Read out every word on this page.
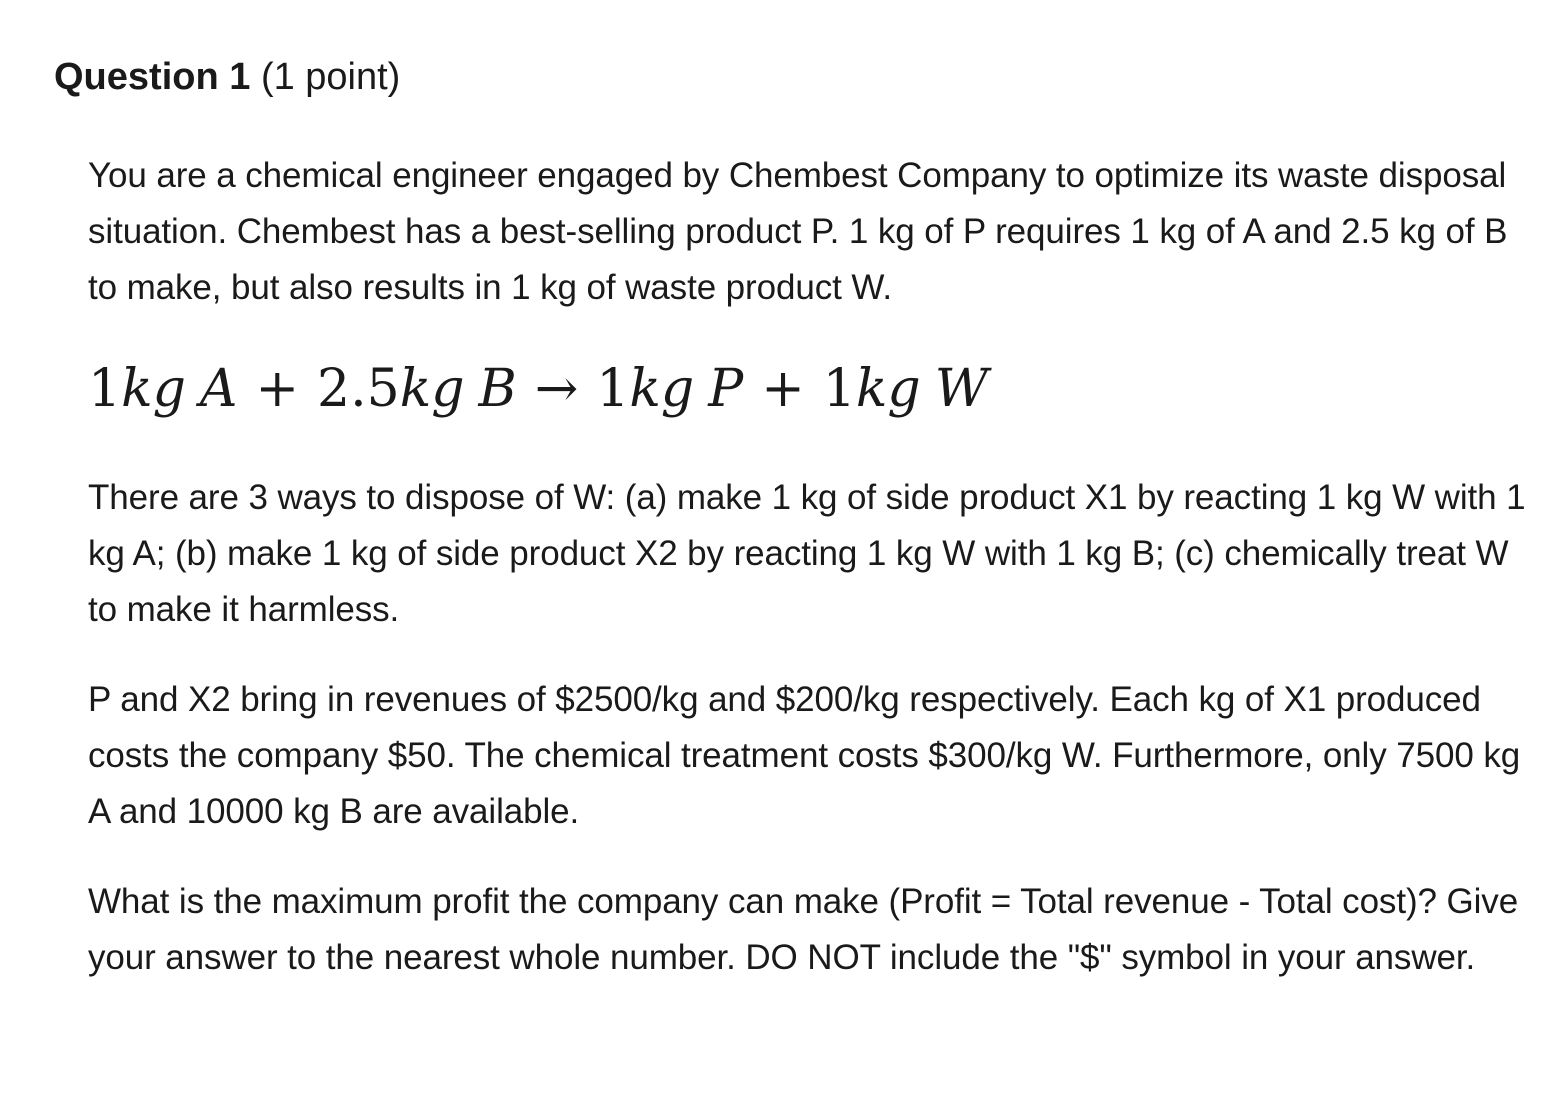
Question 1 (1 point)

You are a chemical engineer engaged by Chembest Company to optimize its waste disposal situation. Chembest has a best-selling product P. 1 kg of P requires 1 kg of A and 2.5 kg of B to make, but also results in 1 kg of waste product W.

1kg A + 2.5kg B → 1kg P + 1kg W

There are 3 ways to dispose of W: (a) make 1 kg of side product X1 by reacting 1 kg W with 1 kg A; (b) make 1 kg of side product X2 by reacting 1 kg W with 1 kg B; (c) chemically treat W to make it harmless.

P and X2 bring in revenues of $2500/kg and $200/kg respectively. Each kg of X1 produced costs the company $50. The chemical treatment costs $300/kg W. Furthermore, only 7500 kg A and 10000 kg B are available.

What is the maximum profit the company can make (Profit = Total revenue - Total cost)? Give your answer to the nearest whole number. DO NOT include the "$" symbol in your answer.
